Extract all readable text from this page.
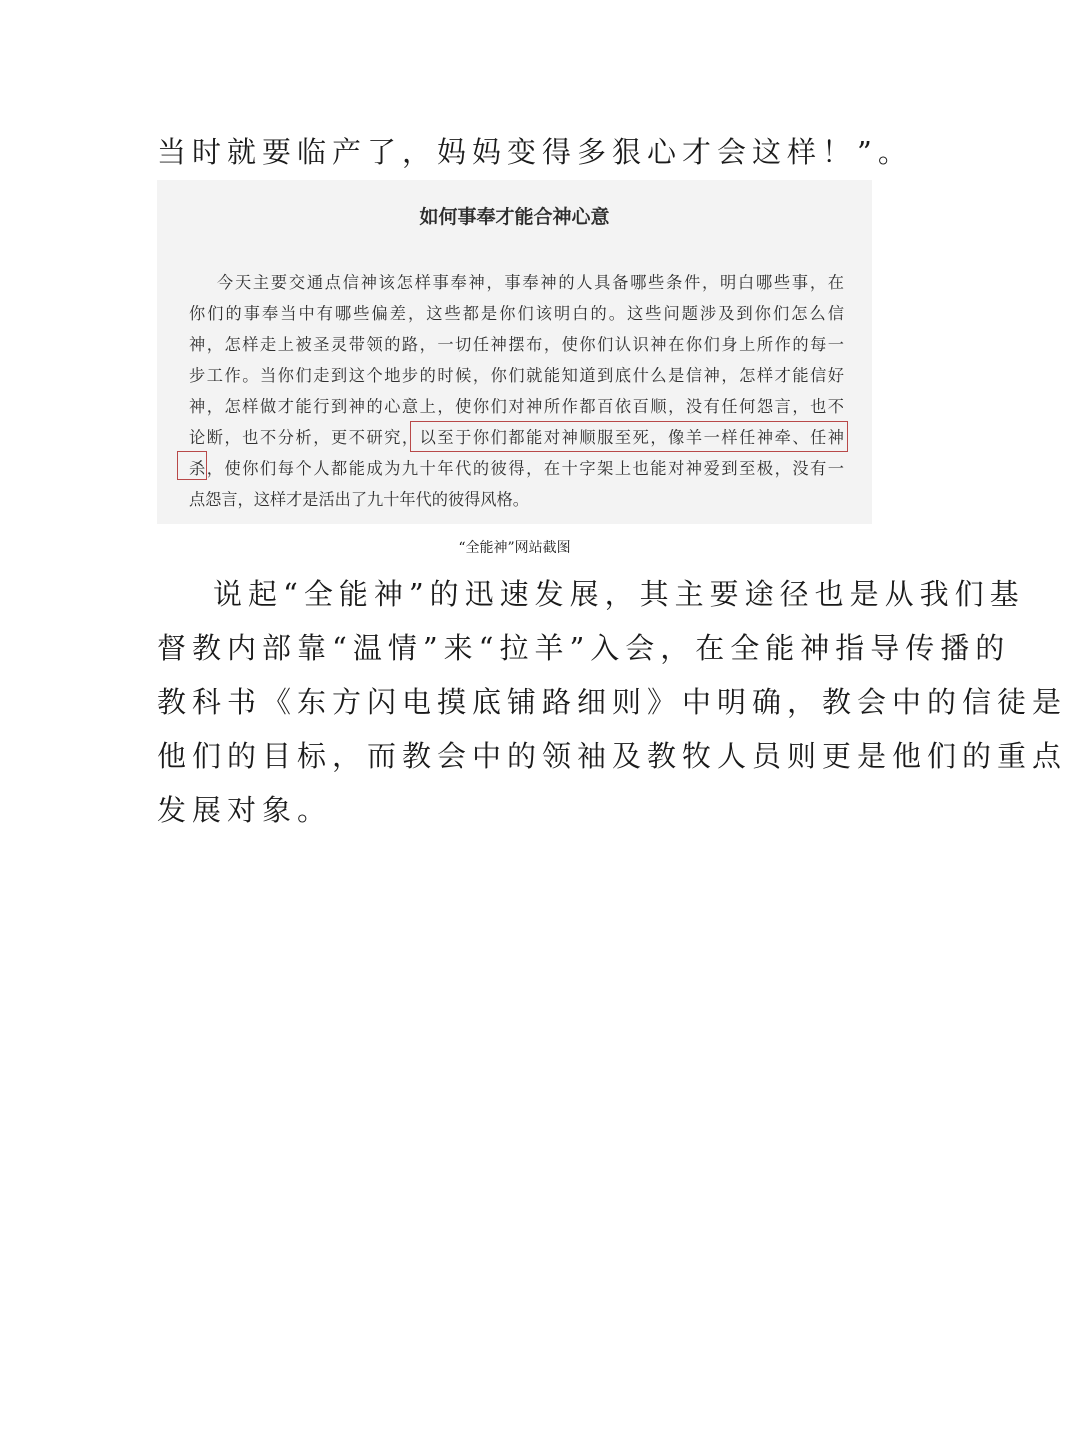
当时就要临产了，妈妈变得多狠心才会这样！”。

如何事奉才能合神心意

今天主要交通点信神该怎样事奉神，事奉神的人具备哪些条件，明白哪些事，在

你们的事奉当中有哪些偏差，这些都是你们该明白的。这些问题涉及到你们怎么信

神，怎样走上被圣灵带领的路，一切任神摆布，使你们认识神在你们身上所作的每一

步工作。当你们走到这个地步的时候，你们就能知道到底什么是信神，怎样才能信好

神，怎样做才能行到神的心意上，使你们对神所作都百依百顺，没有任何怨言，也不

论断，也不分析，更不研究，以至于你们都能对神顺服至死，像羊一样任神牵、任神

杀，使你们每个人都能成为九十年代的彼得，在十字架上也能对神爱到至极，没有一

点怨言，这样才是活出了九十年代的彼得风格。

“全能神”网站截图

说起“全能神”的迅速发展，其主要途径也是从我们基

督教内部靠“温情”来“拉羊”入会，在全能神指导传播的

教科书《东方闪电摸底铺路细则》中明确，教会中的信徒是

他们的目标，而教会中的领袖及教牧人员则更是他们的重点

发展对象。
